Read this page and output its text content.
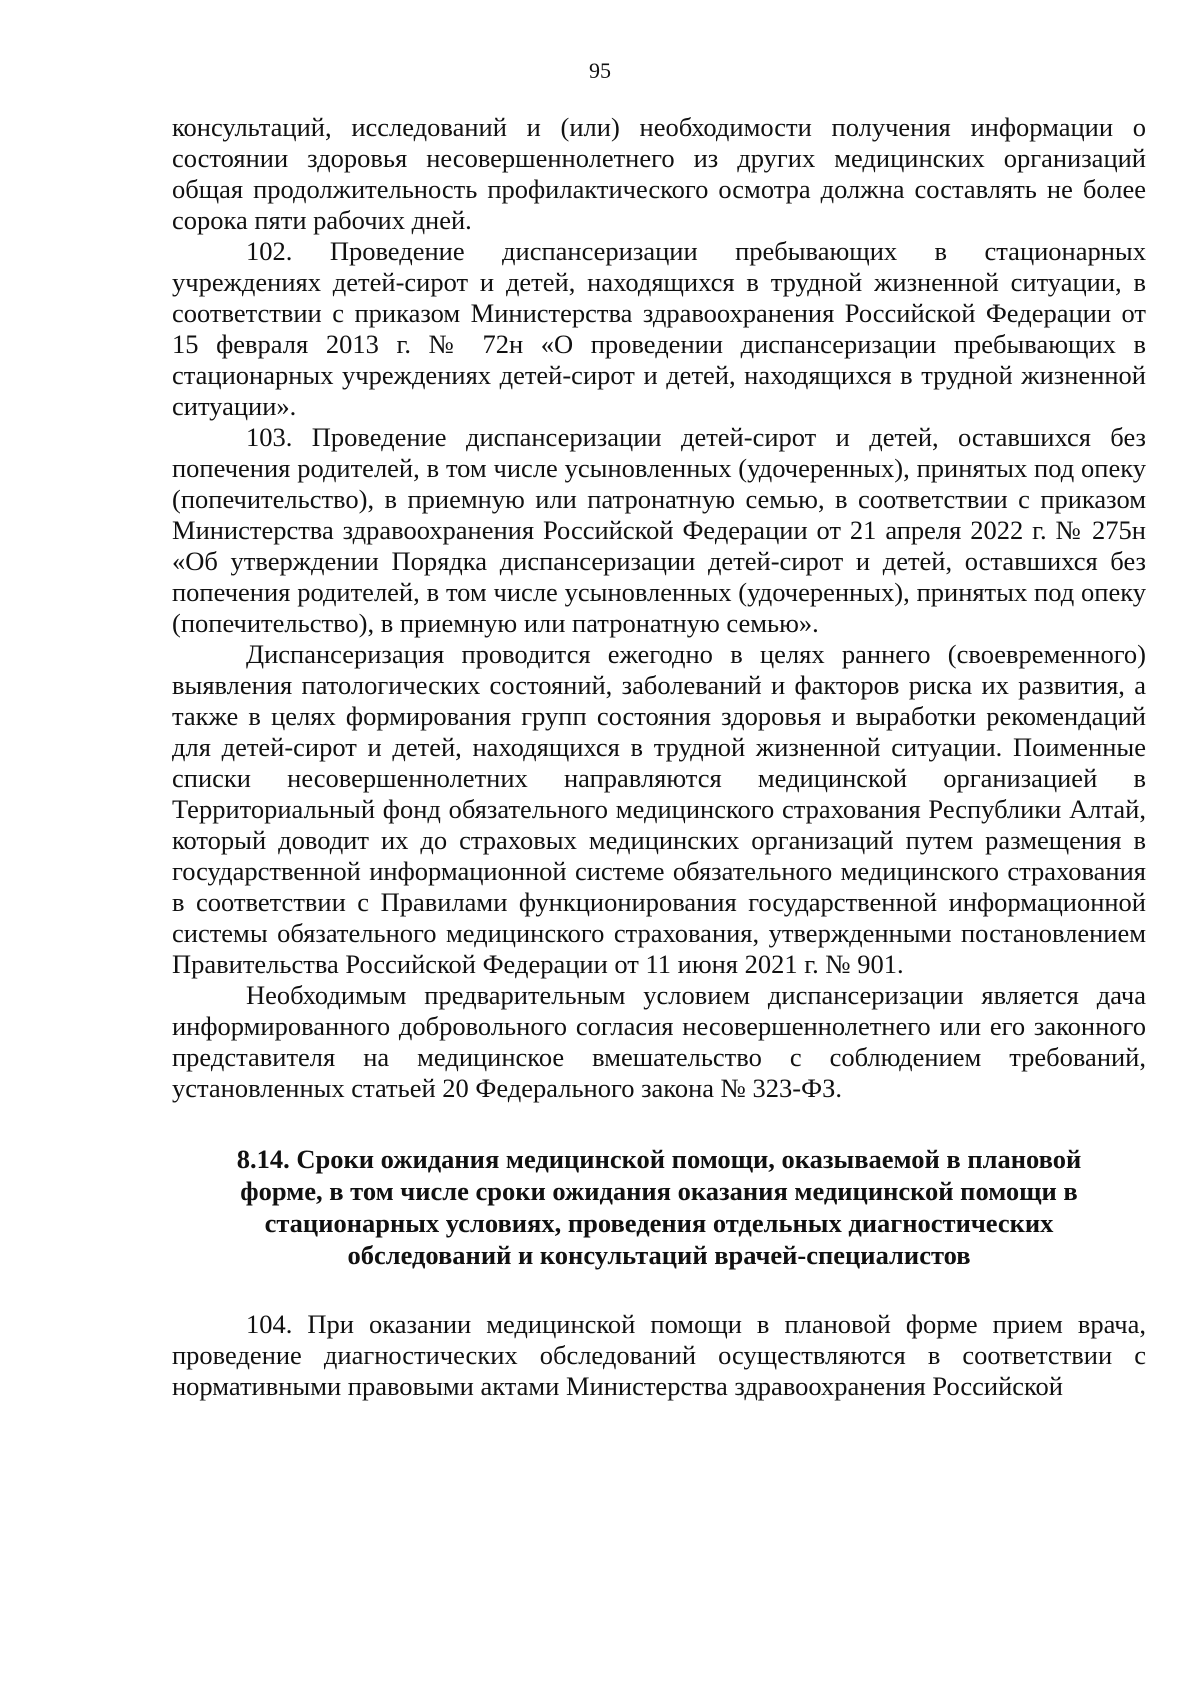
95

консультаций, исследований и (или) необходимости получения информации о состоянии здоровья несовершеннолетнего из других медицинских организаций общая продолжительность профилактического осмотра должна составлять не более сорока пяти рабочих дней.

102. Проведение диспансеризации пребывающих в стационарных учреждениях детей-сирот и детей, находящихся в трудной жизненной ситуации, в соответствии с приказом Министерства здравоохранения Российской Федерации от 15 февраля 2013 г. № 72н «О проведении диспансеризации пребывающих в стационарных учреждениях детей-сирот и детей, находящихся в трудной жизненной ситуации».

103. Проведение диспансеризации детей-сирот и детей, оставшихся без попечения родителей, в том числе усыновленных (удочеренных), принятых под опеку (попечительство), в приемную или патронатную семью, в соответствии с приказом Министерства здравоохранения Российской Федерации от 21 апреля 2022 г. № 275н «Об утверждении Порядка диспансеризации детей-сирот и детей, оставшихся без попечения родителей, в том числе усыновленных (удочеренных), принятых под опеку (попечительство), в приемную или патронатную семью».

Диспансеризация проводится ежегодно в целях раннего (своевременного) выявления патологических состояний, заболеваний и факторов риска их развития, а также в целях формирования групп состояния здоровья и выработки рекомендаций для детей-сирот и детей, находящихся в трудной жизненной ситуации. Поименные списки несовершеннолетних направляются медицинской организацией в Территориальный фонд обязательного медицинского страхования Республики Алтай, который доводит их до страховых медицинских организаций путем размещения в государственной информационной системе обязательного медицинского страхования в соответствии с Правилами функционирования государственной информационной системы обязательного медицинского страхования, утвержденными постановлением Правительства Российской Федерации от 11 июня 2021 г. № 901.

Необходимым предварительным условием диспансеризации является дача информированного добровольного согласия несовершеннолетнего или его законного представителя на медицинское вмешательство с соблюдением требований, установленных статьей 20 Федерального закона № 323-ФЗ.

8.14. Сроки ожидания медицинской помощи, оказываемой в плановой форме, в том числе сроки ожидания оказания медицинской помощи в стационарных условиях, проведения отдельных диагностических обследований и консультаций врачей-специалистов

104. При оказании медицинской помощи в плановой форме прием врача, проведение диагностических обследований осуществляются в соответствии с нормативными правовыми актами Министерства здравоохранения Российской
